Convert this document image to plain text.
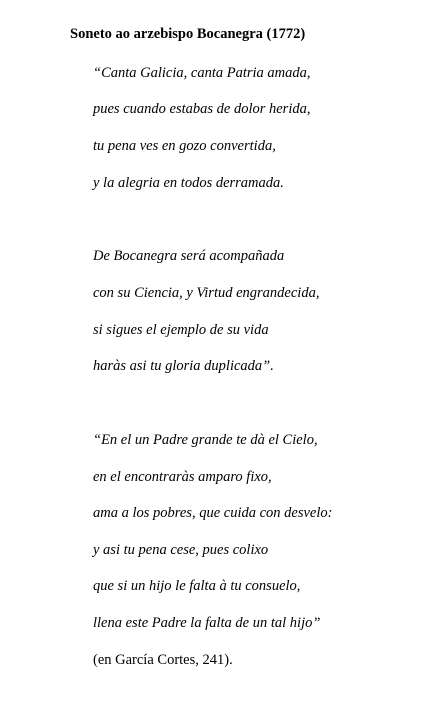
Soneto ao arzebispo Bocanegra (1772)
“Canta Galicia, canta Patria amada,
pues cuando estabas de dolor herida,
tu pena ves en gozo convertida,
y la alegria en todos derramada.
De Bocanegra será acompañada
con su Ciencia, y Virtud engrandecida,
si sigues el ejemplo de su vida
haràs asi tu gloria duplicada”.
“En el un Padre grande te dà el Cielo,
en el encontraràs amparo fixo,
ama a los pobres, que cuida con desvelo:
y asi tu pena cese, pues colixo
que si un hijo le falta à tu consuelo,
llena este Padre la falta de un tal hijo”
(en García Cortes, 241).
